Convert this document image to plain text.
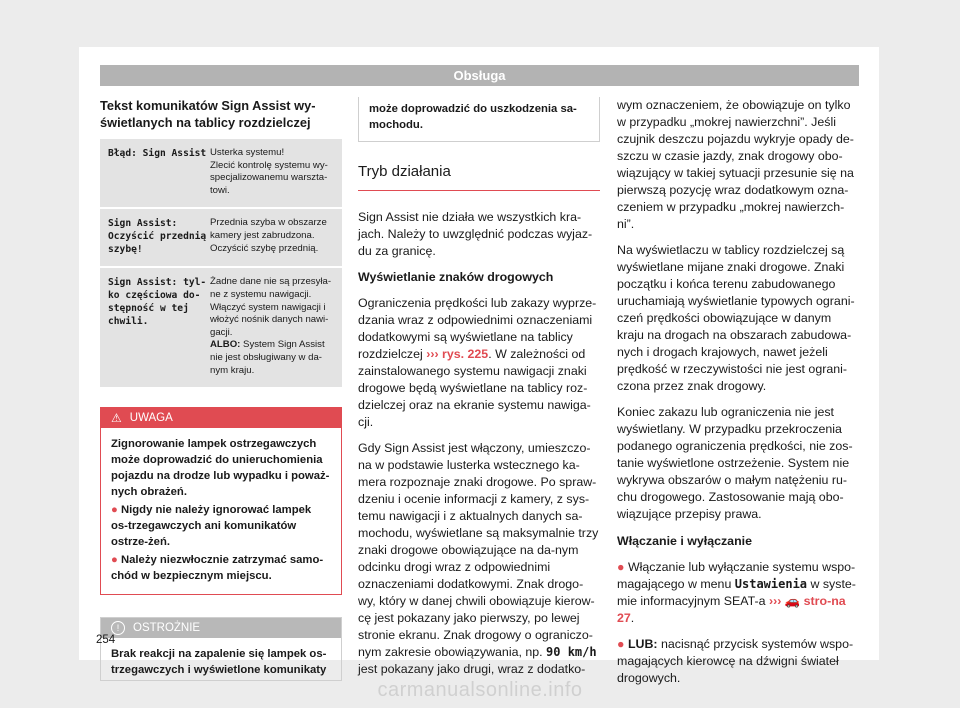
Obsługa
Tekst komunikatów Sign Assist wy-
świetlanych na tablicy rozdzielczej
Błąd: Sign Assist Usterka systemu!
Zlecić kontrolę systemu wy-
specjalizowanemu warszta-
towi.
Sign Assist:
Oczyścić przednią
szybę!
Przednia szyba w obszarze
kamery jest zabrudzona.
Oczyścić szybę przednią.
Sign Assist: tyl-
ko częściowa do-
stępność w tej
chwili.
Żadne dane nie są przesyła-
ne z systemu nawigacji.
Włączyć system nawigacji i
włożyć nośnik danych nawi-
gacji.
ALBO: System Sign Assist
nie jest obsługiwany w da-
nym kraju.
⚠ UWAGA

Zignorowanie lampek ostrzegawczych może doprowadzić do unieruchomienia pojazdu na drodze lub wypadku i poważ-nych obrażeń.

● Nigdy nie należy ignorować lampek os-trzegawczych ani komunikatów ostrze-żeń.

● Należy niezwłocznie zatrzymać samo-chód w bezpiecznym miejscu.

!	OSTROŻNIE
Brak reakcji na zapalenie się lampek os-trzegawczych i wyświetlone komunikaty
może doprowadzić do uszkodzenia sa-mochodu.
Tryb działania

Sign Assist nie działa we wszystkich kra-jach. Należy to uwzględnić podczas wyjaz-du za granicę.

Wyświetlanie znaków drogowych

Ograniczenia prędkości lub zakazy wyprze-dzania wraz z odpowiednimi oznaczeniami dodatkowymi są wyświetlane na tablicy rozdzielczej ››› rys. 225. W zależności od zainstalowanego systemu nawigacji znaki drogowe będą wyświetlane na tablicy roz-dzielczej oraz na ekranie systemu nawiga-cji.

Gdy Sign Assist jest włączony, umieszczo-na w podstawie lusterka wstecznego ka-mera rozpoznaje znaki drogowe. Po spraw-dzeniu i ocenie informacji z kamery, z sys-temu nawigacji i z aktualnych danych sa-mochodu, wyświetlane są maksymalnie trzy znaki drogowe obowiązujące na da-nym odcinku drogi wraz z odpowiednimi oznaczeniami dodatkowymi. Znak drogo-wy, który w danej chwili obowiązuje kierow-cę jest pokazany jako pierwszy, po lewej stronie ekranu. Znak drogowy o ograniczo-nym zakresie obowiązywania, np. 90 km/h jest pokazany jako drugi, wraz z dodatko-

wym oznaczeniem, że obowiązuje on tylko w przypadku „mokrej nawierzchni”. Jeśli czujnik deszczu pojazdu wykryje opady de-szczu w czasie jazdy, znak drogowy obo-wiązujący w takiej sytuacji przesunie się na pierwszą pozycję wraz dodatkowym ozna-czeniem w przypadku „mokrej nawierzch-ni”.

Na wyświetlaczu w tablicy rozdzielczej są wyświetlane mijane znaki drogowe. Znaki początku i końca terenu zabudowanego uruchamiają wyświetlanie typowych ograni-czeń prędkości obowiązujące w danym kraju na drogach na obszarach zabudowa-nych i drogach krajowych, nawet jeżeli prędkość w rzeczywistości nie jest ograni-czona przez znak drogowy.

Koniec zakazu lub ograniczenia nie jest wyświetlany. W przypadku przekroczenia podanego ograniczenia prędkości, nie zos-tanie wyświetlone ostrzeżenie. System nie wykrywa obszarów o małym natężeniu ru-chu drogowego. Zastosowanie mają obo-wiązujące przepisy prawa.

Włączanie i wyłączanie

● Włączanie lub wyłączanie systemu wspo-magającego w menu Ustawienia w syste-mie informacyjnym SEAT-a ››› 🚗 stro-na 27.

● LUB: nacisnąć przycisk systemów wspo-magających kierowcę na dźwigni świateł drogowych.

254
carmanualsonline.info
